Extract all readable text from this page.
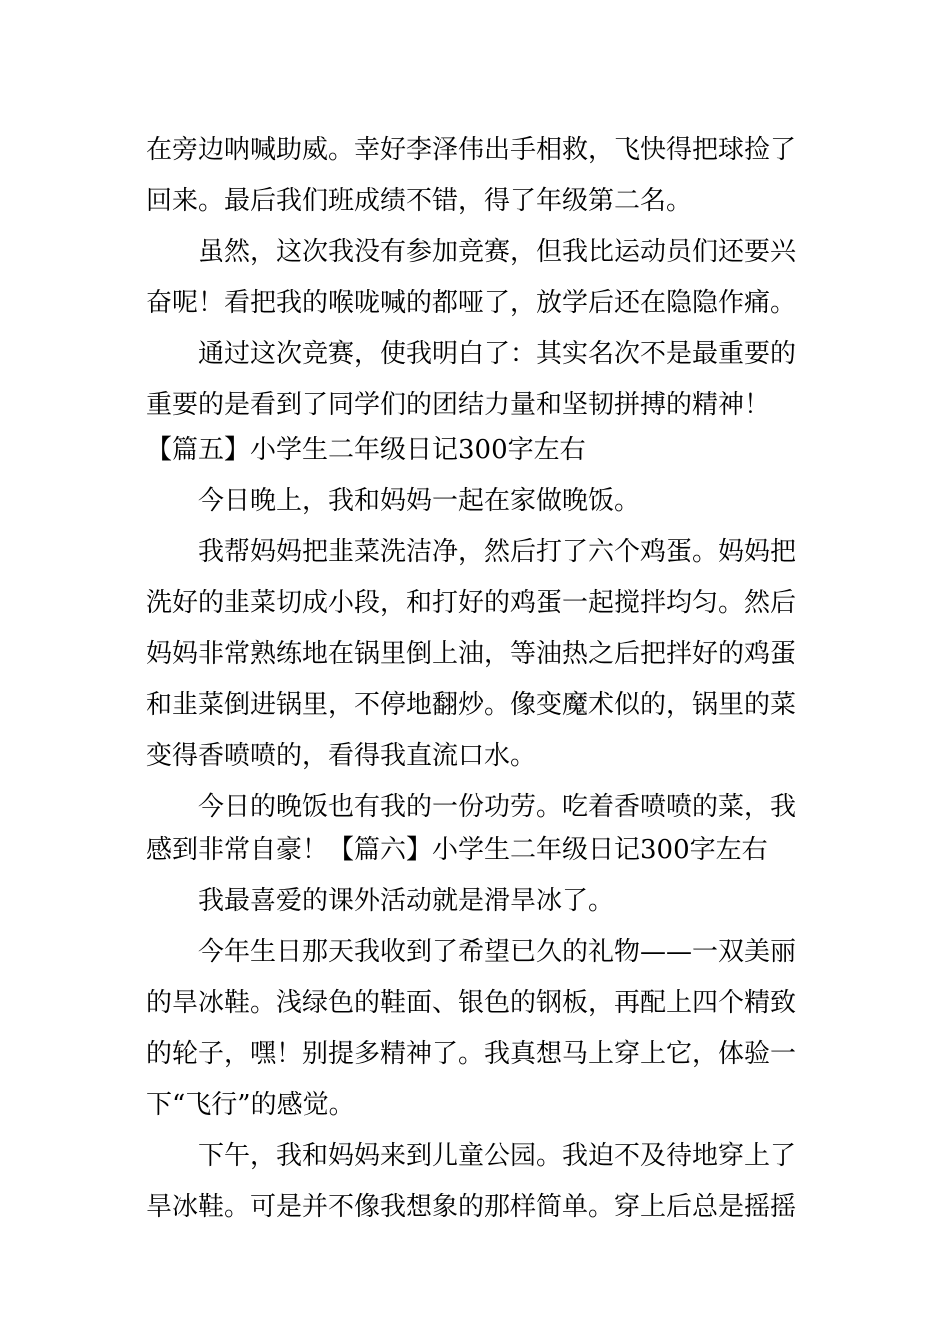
在旁边呐喊助威。幸好李泽伟出手相救，飞快得把球捡了
回来。最后我们班成绩不错，得了年级第二名。
虽然，这次我没有参加竞赛，但我比运动员们还要兴
奋呢！看把我的喉咙喊的都哑了，放学后还在隐隐作痛。
通过这次竞赛，使我明白了：其实名次不是最重要的
重要的是看到了同学们的团结力量和坚韧拼搏的精神！
【篇五】小学生二年级日记300字左右
今日晚上，我和妈妈一起在家做晚饭。
我帮妈妈把韭菜洗洁净，然后打了六个鸡蛋。妈妈把
洗好的韭菜切成小段，和打好的鸡蛋一起搅拌均匀。然后
妈妈非常熟练地在锅里倒上油，等油热之后把拌好的鸡蛋
和韭菜倒进锅里，不停地翻炒。像变魔术似的，锅里的菜
变得香喷喷的，看得我直流口水。
今日的晚饭也有我的一份功劳。吃着香喷喷的菜，我
感到非常自豪！【篇六】小学生二年级日记300字左右
我最喜爱的课外活动就是滑旱冰了。
今年生日那天我收到了希望已久的礼物——一双美丽
的旱冰鞋。浅绿色的鞋面、银色的钢板，再配上四个精致
的轮子，嘿！别提多精神了。我真想马上穿上它，体验一
下“飞行”的感觉。
下午，我和妈妈来到儿童公园。我迫不及待地穿上了
旱冰鞋。可是并不像我想象的那样简单。穿上后总是摇摇
